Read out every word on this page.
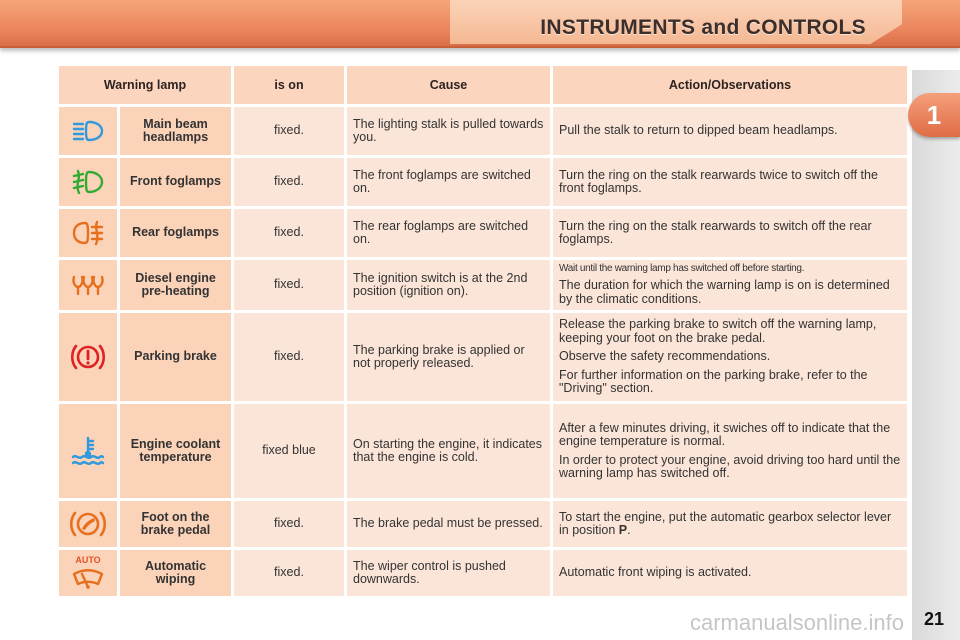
INSTRUMENTS and CONTROLS
1
Warning lamp		is on	Cause	Action/Observations

	Main beam headlamps	fixed.	The lighting stalk is pulled towards you.	Pull the stalk to return to dipped beam headlamps.

	Front foglamps	fixed.	The front foglamps are switched on.	Turn the ring on the stalk rearwards twice to switch off the front foglamps.

	Rear foglamps	fixed.	The rear foglamps are switched on.	Turn the ring on the stalk rearwards to switch off the rear foglamps.

	Diesel engine pre-heating	fixed.	The ignition switch is at the 2nd position (ignition on).	Wait until the warning lamp has switched off before starting.
The duration for which the warning lamp is on is determined by the climatic conditions.

	Parking brake	fixed.	The parking brake is applied or not properly released.	Release the parking brake to switch off the warning lamp, keeping your foot on the brake pedal.
Observe the safety recommendations.
For further information on the parking brake, refer to the "Driving" section.

	Engine coolant temperature	fixed blue	On starting the engine, it indicates that the engine is cold.	After a few minutes driving, it swiches off to indicate that the engine temperature is normal.
In order to protect your engine, avoid driving too hard until the warning lamp has switched off.

	Foot on the brake pedal	fixed.	The brake pedal must be pressed.	To start the engine, put the automatic gearbox selector lever in position P.

AUTO	Automatic wiping	fixed.	The wiper control is pushed downwards.	Automatic front wiping is activated.
carmanualsonline.info 21
